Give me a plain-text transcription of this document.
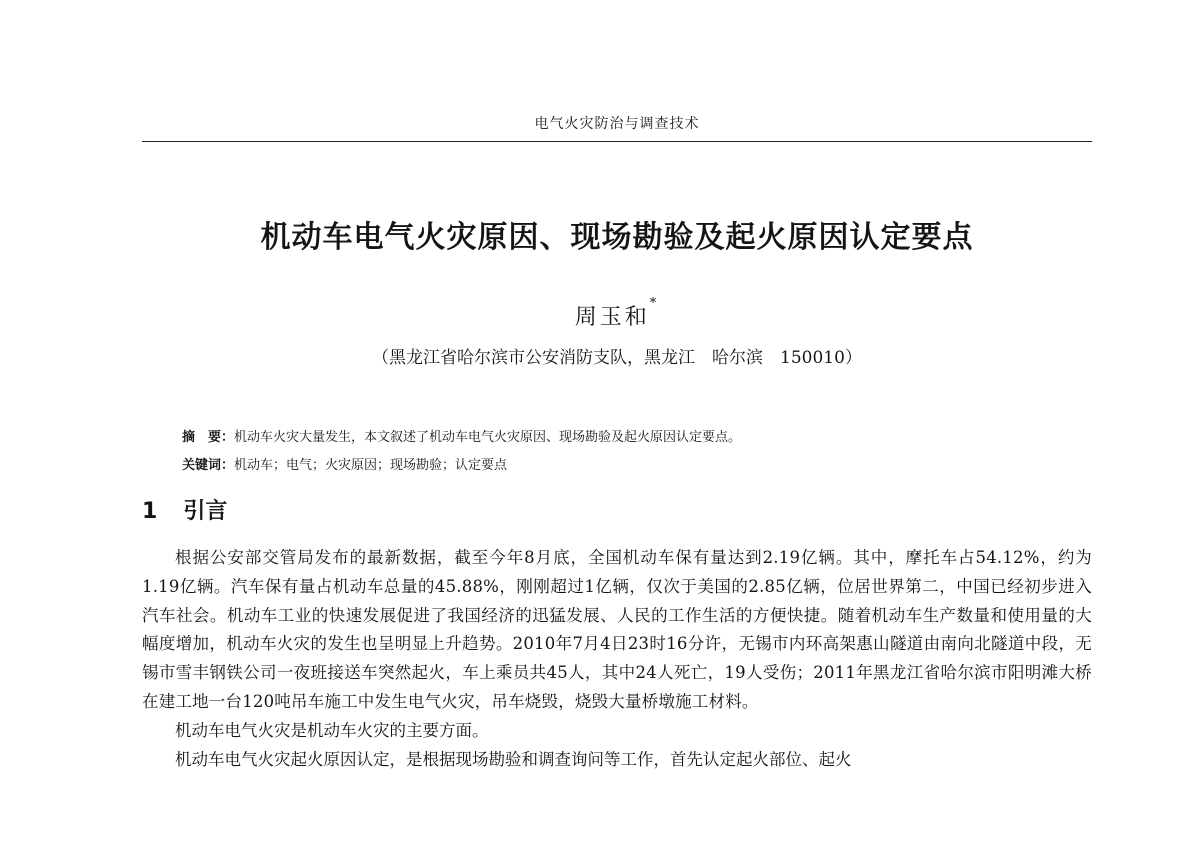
电气火灾防治与调查技术
机动车电气火灾原因、现场勘验及起火原因认定要点
周玉和*
（黑龙江省哈尔滨市公安消防支队，黑龙江　哈尔滨　150010）
摘　要：机动车火灾大量发生，本文叙述了机动车电气火灾原因、现场勘验及起火原因认定要点。
关键词：机动车；电气；火灾原因；现场勘验；认定要点
1 引言

根据公安部交管局发布的最新数据，截至今年8月底，全国机动车保有量达到2.19亿辆。其中，摩托车占54.12%，约为1.19亿辆。汽车保有量占机动车总量的45.88%，刚刚超过1亿辆，仅次于美国的2.85亿辆，位居世界第二，中国已经初步进入汽车社会。机动车工业的快速发展促进了我国经济的迅猛发展、人民的工作生活的方便快捷。随着机动车生产数量和使用量的大幅度增加，机动车火灾的发生也呈明显上升趋势。2010年7月4日23时16分许，无锡市内环高架惠山隧道由南向北隧道中段，无锡市雪丰钢铁公司一夜班接送车突然起火，车上乘员共45人，其中24人死亡，19人受伤；2011年黑龙江省哈尔滨市阳明滩大桥在建工地一台120吨吊车施工中发生电气火灾，吊车烧毁，烧毁大量桥墩施工材料。

机动车电气火灾是机动车火灾的主要方面。

机动车电气火灾起火原因认定，是根据现场勘验和调查询问等工作，首先认定起火部位、起火
